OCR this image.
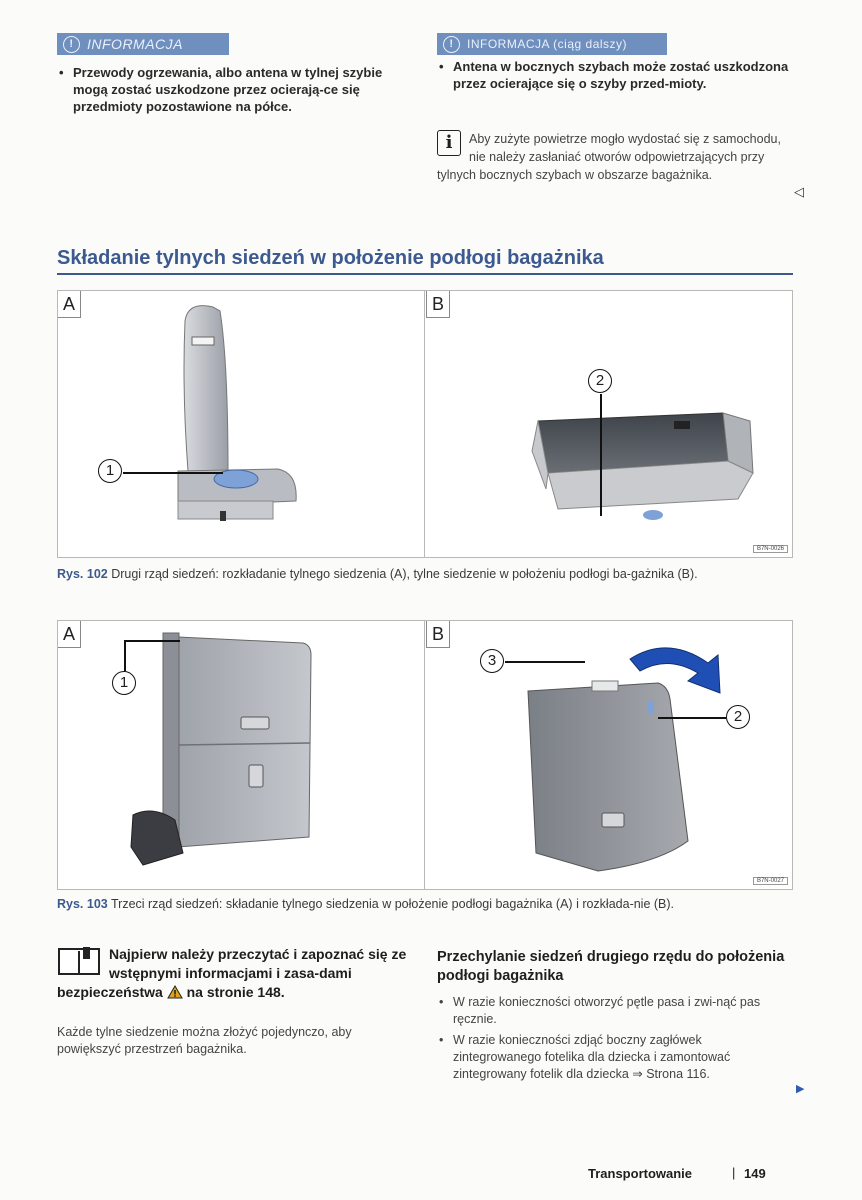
! INFORMACJA
• Przewody ogrzewania, albo antena w tylnej szybie mogą zostać uszkodzone przez ocierają-ce się przedmioty pozostawione na półce.
!	INFORMACJA (ciąg dalszy)
• Antena w bocznych szybach może zostać uszkodzona przez ocierające się o szyby przed-mioty.
i	Aby zużyte powietrze mogło wydostać się z samochodu, nie należy zasłaniać otworów odpowietrzających przy tylnych bocznych szybach w obszarze bagażnika.
◁
Składanie tylnych siedzeń w położenie podłogi bagażnika
A	B
1
2
B7N-0026
Rys. 102 Drugi rząd siedzeń: rozkładanie tylnego siedzenia (A), tylne siedzenie w położeniu podłogi ba-gażnika (B).
A	B
1
3
2
B7N-0027
Rys. 103 Trzeci rząd siedzeń: składanie tylnego siedzenia w położenie podłogi bagażnika (A) i rozkłada-nie (B).
Najpierw należy przeczytać i zapoznać się ze wstępnymi informacjami i zasa-dami bezpieczeństwa na stronie 148.
Każde tylne siedzenie można złożyć pojedynczo, aby powiększyć przestrzeń bagażnika.
Przechylanie siedzeń drugiego rzędu do położenia podłogi bagażnika
• W razie konieczności otworzyć pętle pasa i zwi-nąć pas ręcznie.
• W razie konieczności zdjąć boczny zagłówek zintegrowanego fotelika dla dziecka i zamontować zintegrowany fotelik dla dziecka ⇒ Strona 116.
▶
Transportowanie	| 149
